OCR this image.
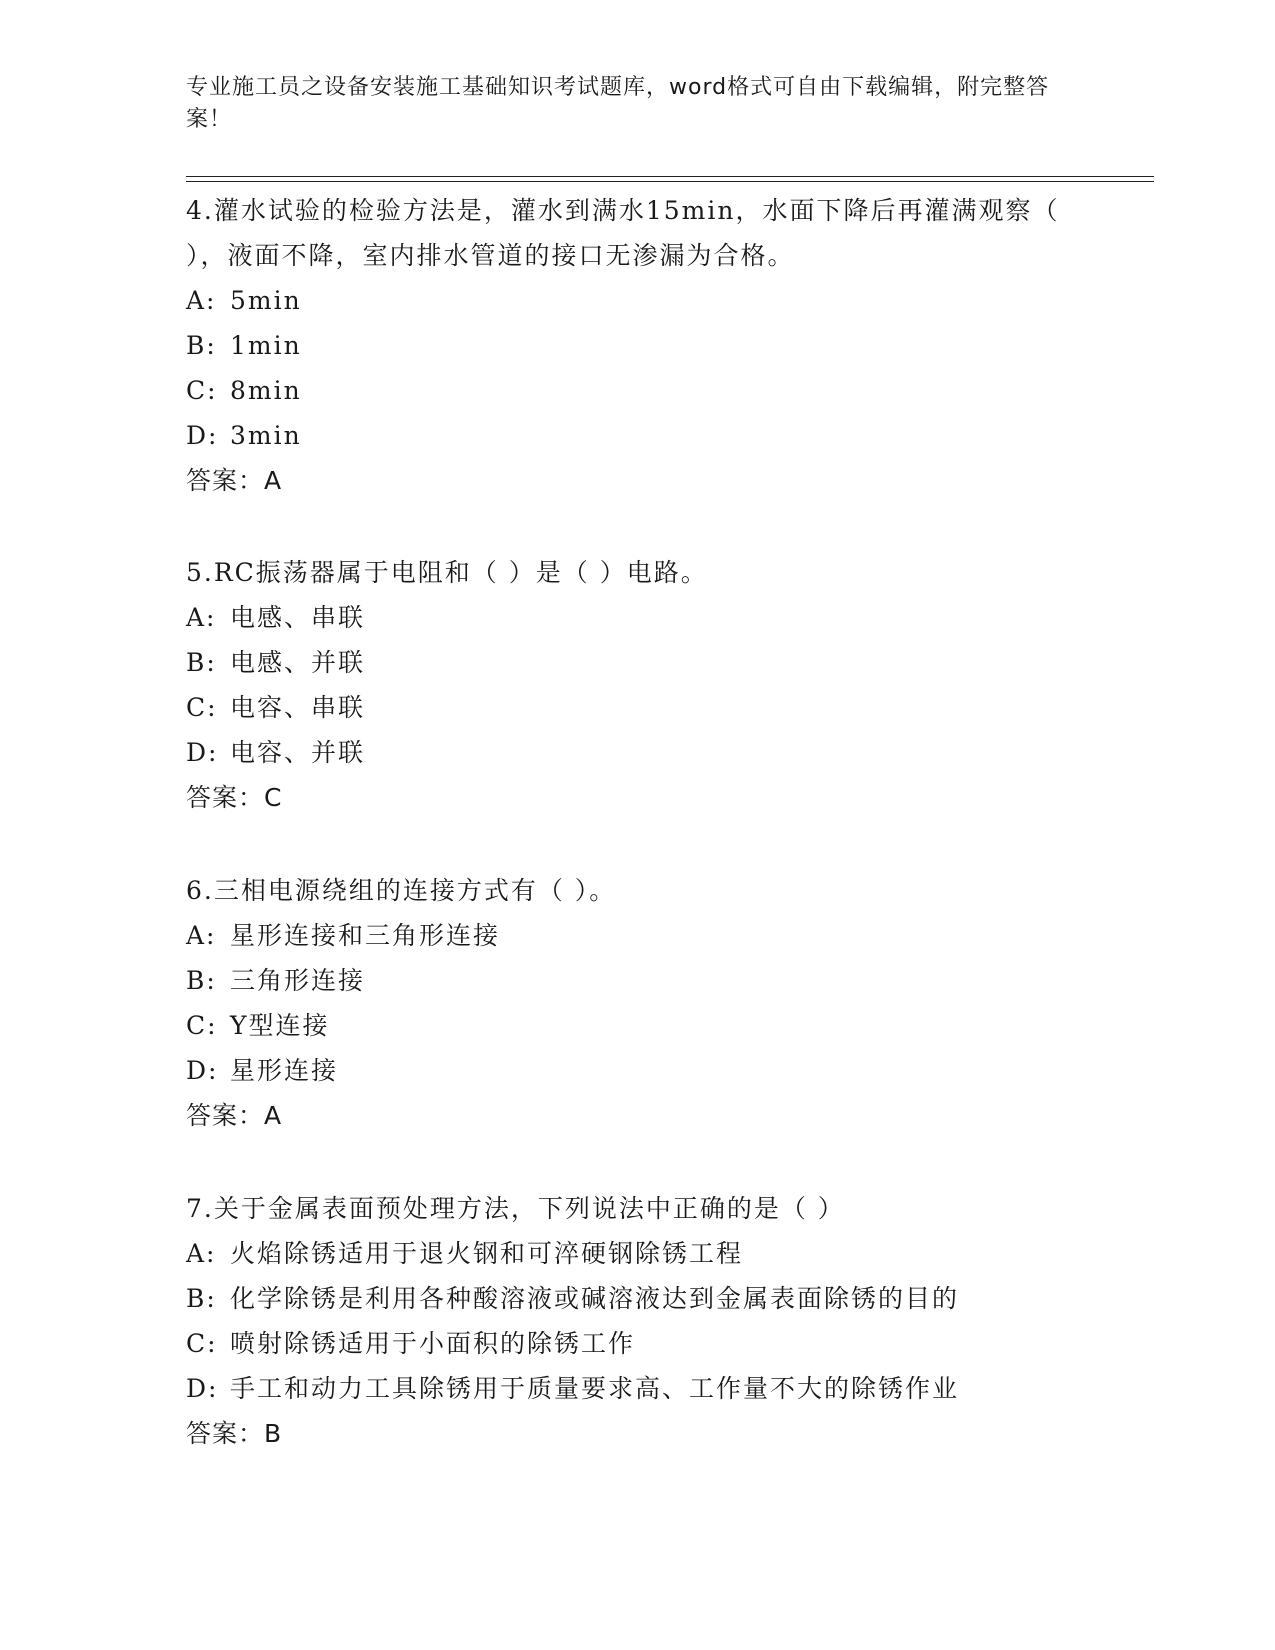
专业施工员之设备安装施工基础知识考试题库，word格式可自由下载编辑，附完整答案！
4.灌水试验的检验方法是，灌水到满水15min，水面下降后再灌满观察（ ），液面不降，室内排水管道的接口无渗漏为合格。
A: 5min
B: 1min
C: 8min
D: 3min
答案：A
5.RC振荡器属于电阻和（ ）是（ ）电路。
A: 电感、串联
B: 电感、并联
C: 电容、串联
D: 电容、并联
答案：C
6.三相电源绕组的连接方式有（ ）。
A: 星形连接和三角形连接
B: 三角形连接
C: Y型连接
D: 星形连接
答案：A
7.关于金属表面预处理方法，下列说法中正确的是（ ）
A: 火焰除锈适用于退火钢和可淬硬钢除锈工程
B: 化学除锈是利用各种酸溶液或碱溶液达到金属表面除锈的目的
C: 喷射除锈适用于小面积的除锈工作
D: 手工和动力工具除锈用于质量要求高、工作量不大的除锈作业
答案：B
